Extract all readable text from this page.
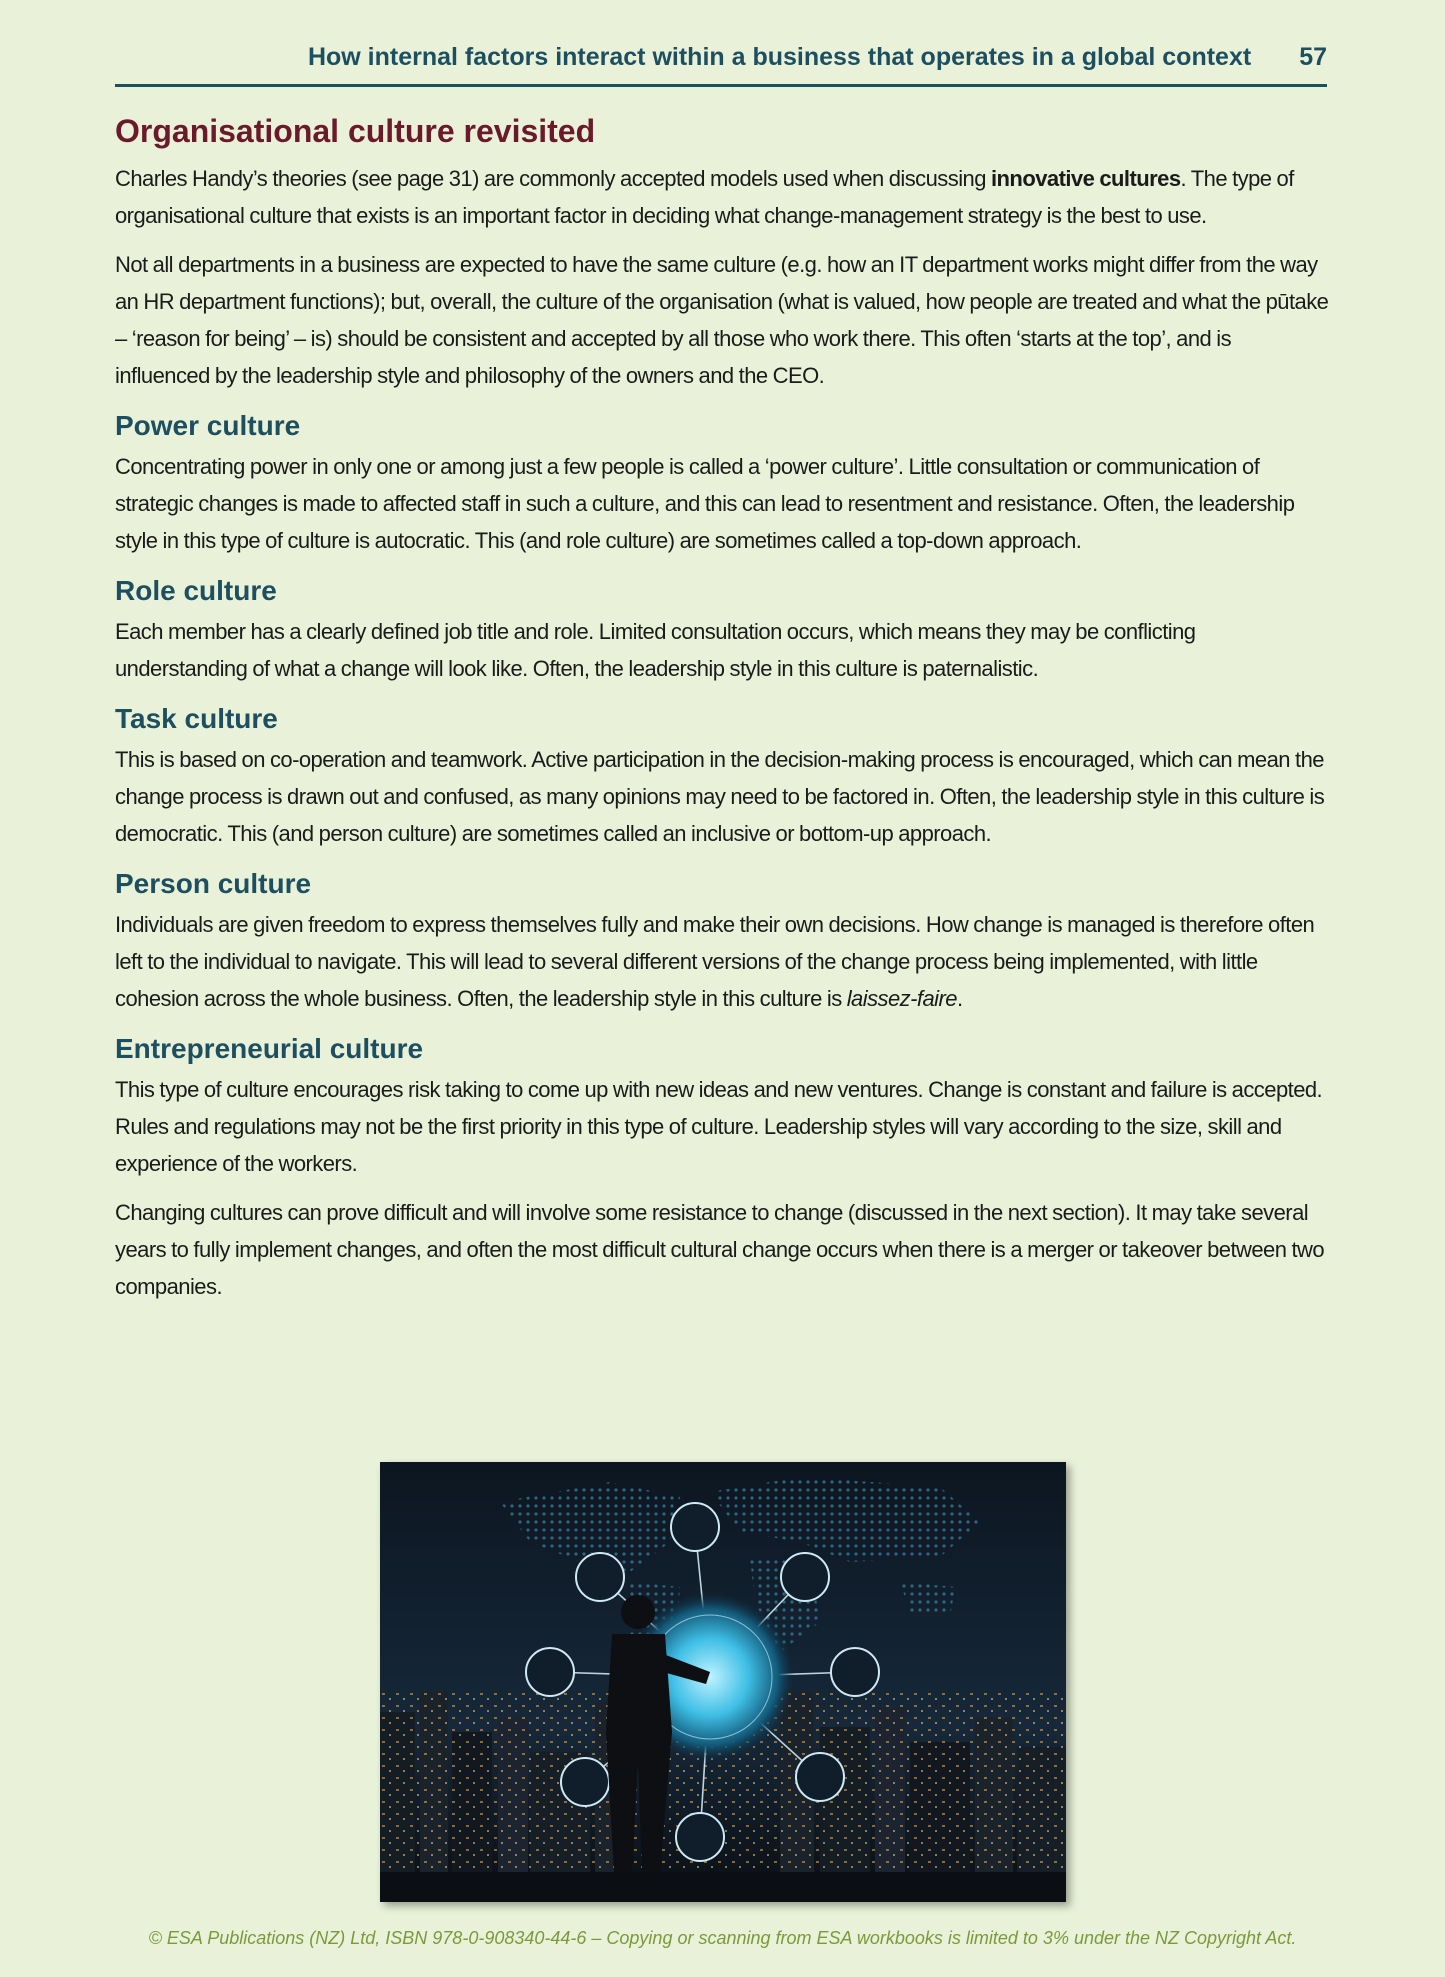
How internal factors interact within a business that operates in a global context 57
Organisational culture revisited

Charles Handy’s theories (see page 31) are commonly accepted models used when discussing innovative cultures. The type of organisational culture that exists is an important factor in deciding what change-management strategy is the best to use.

Not all departments in a business are expected to have the same culture (e.g. how an IT department works might differ from the way an HR department functions); but, overall, the culture of the organisation (what is valued, how people are treated and what the pūtake – ‘reason for being’ – is) should be consistent and accepted by all those who work there. This often ‘starts at the top’, and is influenced by the leadership style and philosophy of the owners and the CEO.

Power culture

Concentrating power in only one or among just a few people is called a ‘power culture’. Little consultation or communication of strategic changes is made to affected staff in such a culture, and this can lead to resentment and resistance. Often, the leadership style in this type of culture is autocratic. This (and role culture) are sometimes called a top-down approach.

Role culture

Each member has a clearly defined job title and role. Limited consultation occurs, which means they may be conflicting understanding of what a change will look like. Often, the leadership style in this culture is paternalistic.

Task culture

This is based on co-operation and teamwork. Active participation in the decision-making process is encouraged, which can mean the change process is drawn out and confused, as many opinions may need to be factored in. Often, the leadership style in this culture is democratic. This (and person culture) are sometimes called an inclusive or bottom-up approach.

Person culture

Individuals are given freedom to express themselves fully and make their own decisions. How change is managed is therefore often left to the individual to navigate. This will lead to several different versions of the change process being implemented, with little cohesion across the whole business. Often, the leadership style in this culture is laissez-faire.

Entrepreneurial culture

This type of culture encourages risk taking to come up with new ideas and new ventures. Change is constant and failure is accepted. Rules and regulations may not be the first priority in this type of culture. Leadership styles will vary according to the size, skill and experience of the workers.

Changing cultures can prove difficult and will involve some resistance to change (discussed in the next section). It may take several years to fully implement changes, and often the most difficult cultural change occurs when there is a merger or takeover between two companies.

© ESA Publications (NZ) Ltd, ISBN 978-0-908340-44-6 – Copying or scanning from ESA workbooks is limited to 3% under the NZ Copyright Act.
